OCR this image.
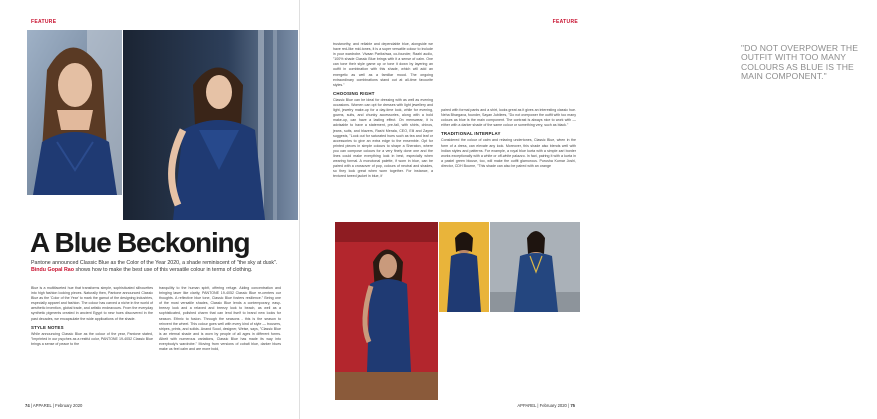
FEATURE
A Blue Beckoning
Pantone announced Classic Blue as the Color of the Year 2020, a shade reminiscent of "the sky at dusk". Bindu Gopal Rao shows how to make the best use of this versatile colour in terms of clothing.

Blue is a multifaceted hue that transforms simple, sophisticated silhouettes into high fashion looking pieces. Naturally then, Pantone announced Classic Blue as the 'Color of the Year' to mark the gamut of the designing industries, especially apparel and fashion. The colour has carved a niche in the world of aesthetic invention, global trade, and artistic endeavours. From the everyday synthetic pigments created in ancient Egypt to new hues discovered in the past decades, we encapsulate the wide applications of the shade.

STYLE NOTES

While announcing Classic Blue as the colour of the year, Pantone stated, "Imprinted in our psyches as a restful color, PANTONE 19-4052 Classic Blue brings a sense of peace to the

tranquility to the human spirit, offering refuge. Aiding concentration and bringing laser like clarity, PANTONE 19-4052 Classic Blue re-centers our thoughts. A reflective blue tone, Classic Blue fosters resilience." Being one of the most versatile shades, Classic Blue lends a contemporary, easy-breezy look and a relaxed and breezy look to beach, as well as a sophisticated, polished charm that can lend itself to brand new looks for season. Ethnic to fusion. Through the seasons - this is the season to reinvent the wheel. This colour goes well with every kind of style — trousers, stripes, prints, and solids. Anand Sood, designer, Weise, says, "Classic Blue is an eternal shade and is worn by people of all ages in different forms. Albeit with numerous variations, Classic Blue has made its way into everybody's wardrobe." Moving from versions of cobalt blue, darker blues make us feel calm and are more bold,

74 | APPAREL | February 2020
FEATURE

trustworthy, and reliable and dependable blue, alongside we have red-like mid-tones, it is a super versatile colour to include in your wardrobe. Vivaan Parikshwa, co-founder, Raahi audio, "100% shade Classic Blue brings with it a sense of calm. One can tone their style game up or tone it down by layering an outfit in combination with this shade, which will add an energetic as well as a familiar mood. The ongoing extraordinary combinations stand out at all-time favourite styles."

CHOOSING RIGHT

Classic Blue can be ideal for dressing with as well as evening occasions. Women can opt for dresses with light jewellery and light, jewelry make-up for a day-time look, while for evening, gowns, suits, and chunky accessories, along with a bold make-up, can have a lasting effect. On menswear, it is advisable to have a statement, pre-fall, with shirts, chinos, jeans, suits, and blazers, Rashi Merala, CEO, Elli and Zayne suggests, "Look out for saturated hues such as tea and leaf or accessories to give an extra edge to the ensemble. Opt for printed pieces in simple colours to shape a Sheraton, where you can compose colours for a very finely done one and the lines could make everything look in best, especially when wearing formal. A monotonal palette, if worn in blue, can be paired with a crossover of pop, colours of neutral and shades, so they look great when worn together. For instance, a textured tweed jacket in blue, if

paired with formal pants and a shirt, looks great as it gives an interesting classic hue. Neha Bhargava, founder, Sayan Jubilees, "Do not overpower the outfit with too many colours as blue is the main component. The contrast is always nice to work with — either with a darker shade of the same colour or something very, such as black."

TRADITIONAL INTERPLAY

Considered the colour of calm and relaxing undertones, Classic Blue, when in the form of a dress, can elevate any look. Moreover, this shade also blends well with Indian styles and patterns. For example, a royal blue kurta with a simple zari border works exceptionally with a white or off-white palazzo. In fact, pairing it with a kurta in a pastel green blouse, too, will make the outfit glamorous. Purusha Kumar Joshi, director, CDH Bourne, "This shade can also be paired with an orange

"DO NOT OVERPOWER THE OUTFIT WITH TOO MANY COLOURS AS BLUE IS THE MAIN COMPONENT."
APPAREL | February 2020 | 75
